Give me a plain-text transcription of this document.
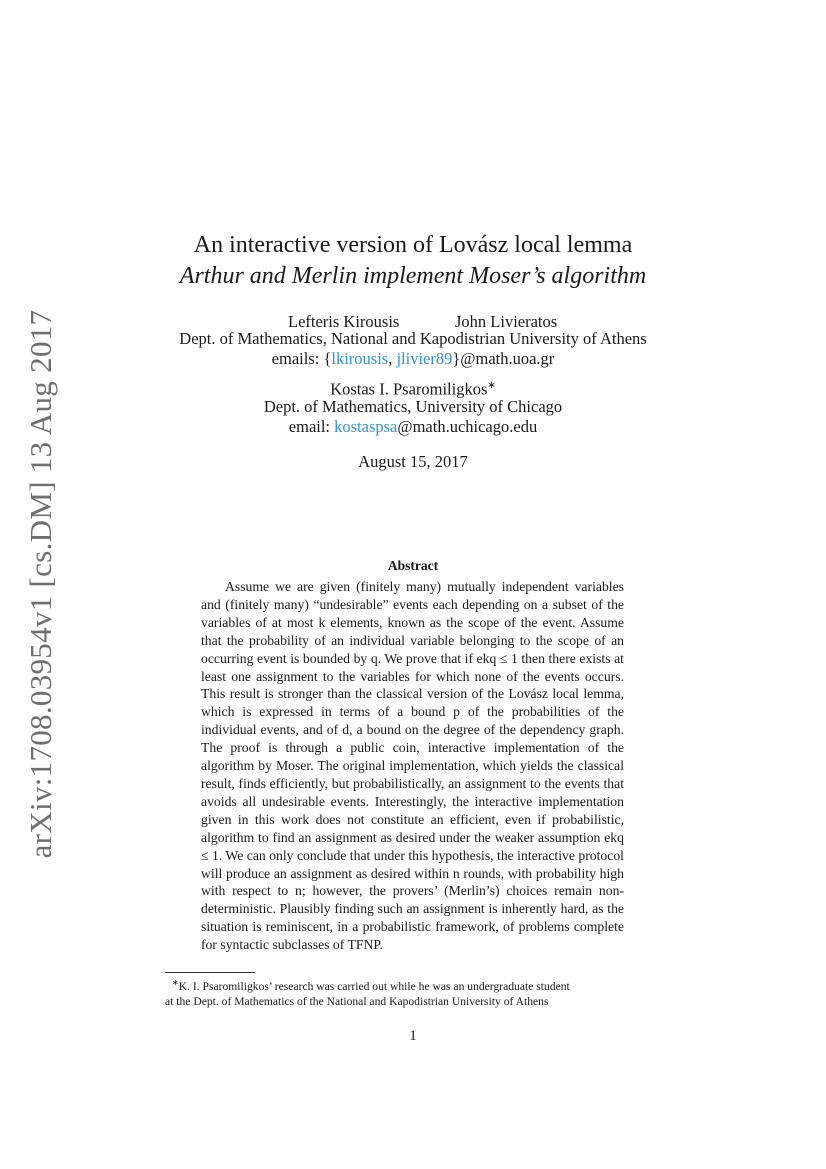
arXiv:1708.03954v1 [cs.DM] 13 Aug 2017
An interactive version of Lovász local lemma
Arthur and Merlin implement Moser’s algorithm
Lefteris Kirousis	John Livieratos
Dept. of Mathematics, National and Kapodistrian University of Athens
emails: {lkirousis, jlivier89}@math.uoa.gr
Kostas I. Psaromiligkos∗
Dept. of Mathematics, University of Chicago
email: kostaspsa@math.uchicago.edu
August 15, 2017
Abstract

Assume we are given (finitely many) mutually independent variables and (finitely many) “undesirable” events each depending on a subset of the variables of at most k elements, known as the scope of the event. Assume that the probability of an individual variable belonging to the scope of an occurring event is bounded by q. We prove that if ekq ≤ 1 then there exists at least one assignment to the variables for which none of the events occurs. This result is stronger than the classical version of the Lovász local lemma, which is expressed in terms of a bound p of the probabilities of the individual events, and of d, a bound on the degree of the dependency graph. The proof is through a public coin, interactive implementation of the algorithm by Moser. The original implementation, which yields the classical result, finds efficiently, but probabilistically, an assignment to the events that avoids all undesirable events. Interestingly, the interactive implementation given in this work does not constitute an efficient, even if probabilistic, algorithm to find an assignment as desired under the weaker assumption ekq ≤ 1. We can only conclude that under this hypothesis, the interactive protocol will produce an assignment as desired within n rounds, with probability high with respect to n; however, the provers’ (Merlin’s) choices remain non-deterministic. Plausibly finding such an assignment is inherently hard, as the situation is reminiscent, in a probabilistic framework, of problems complete for syntactic subclasses of TFNP.

∗K. I. Psaromiligkos’ research was carried out while he was an undergraduate student
at the Dept. of Mathematics of the National and Kapodistrian University of Athens
1
